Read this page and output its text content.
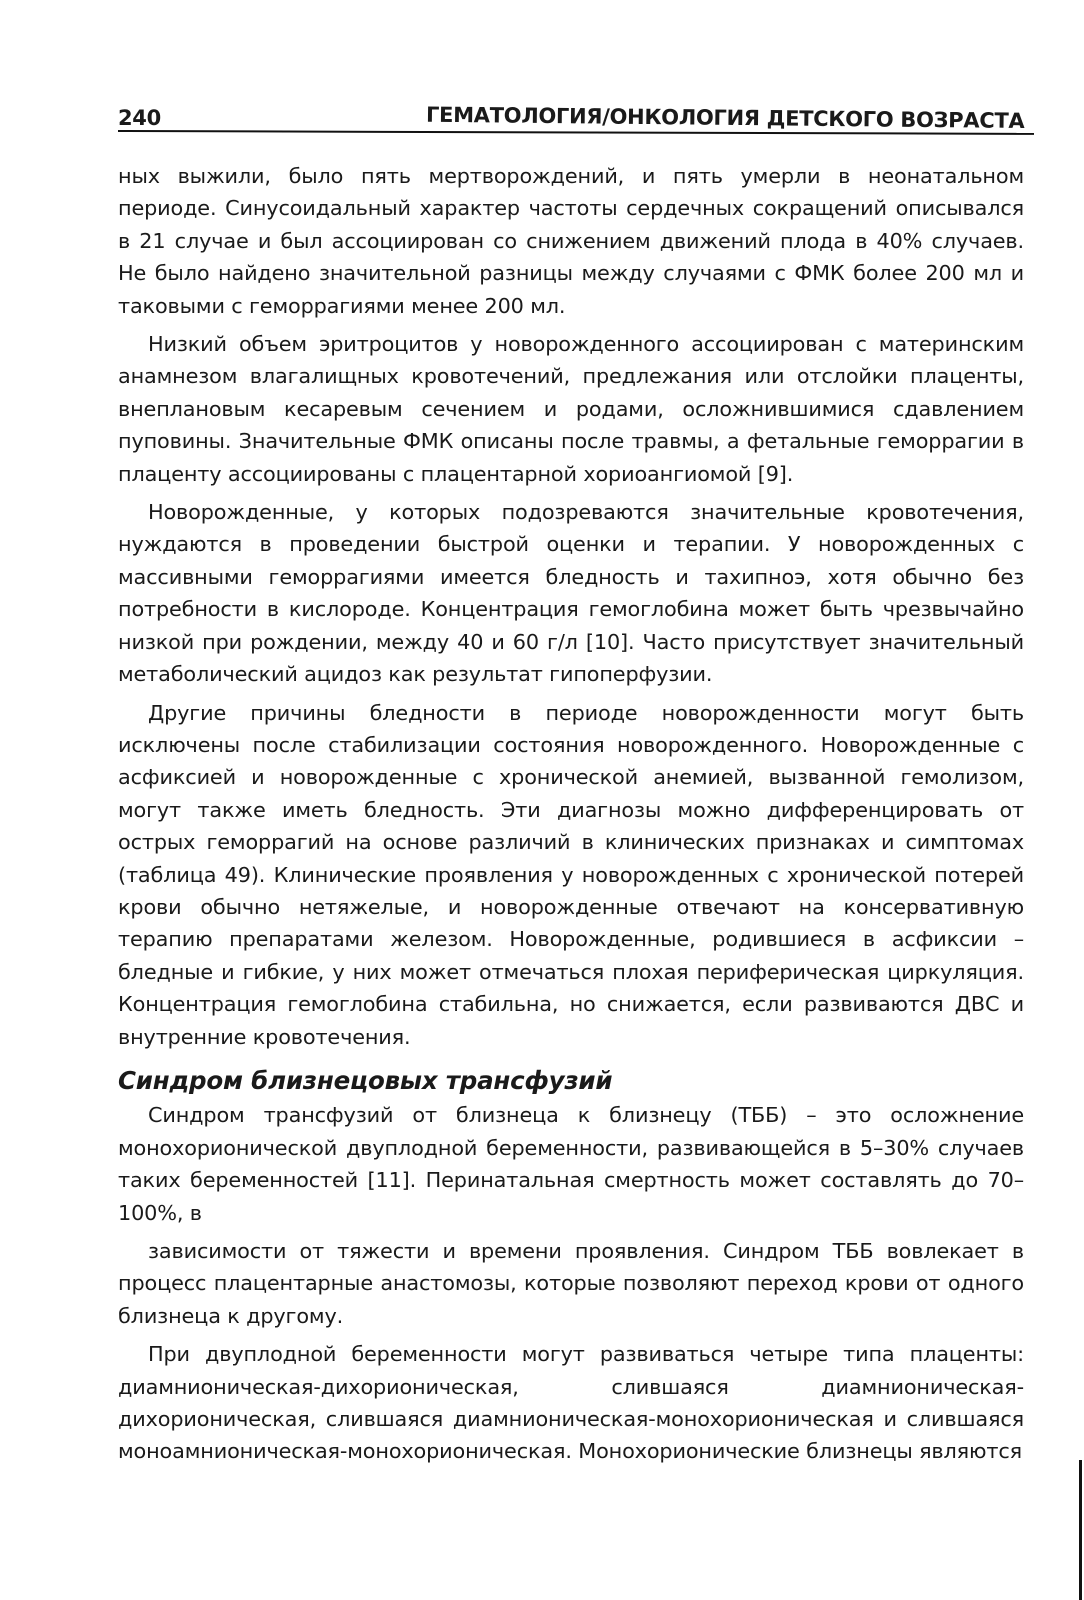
240	ГЕМАТОЛОГИЯ/ОНКОЛОГИЯ ДЕТСКОГО ВОЗРАСТА

ных выжили, было пять мертворождений, и пять умерли в неонатальном периоде. Синусоидальный характер частоты сердечных сокращений описывался в 21 случае и был ассоциирован со снижением движений плода в 40% случаев. Не было найдено значительной разницы между случаями с ФМК более 200 мл и таковыми с геморрагиями менее 200 мл.

Низкий объем эритроцитов у новорожденного ассоциирован с материнским анамнезом влагалищных кровотечений, предлежания или отслойки плаценты, внеплановым кесаревым сечением и родами, осложнившимися сдавлением пуповины. Значительные ФМК описаны после травмы, а фетальные геморрагии в плаценту ассоциированы с плацентарной хориоангиомой [9].

Новорожденные, у которых подозреваются значительные кровотечения, нуждаются в проведении быстрой оценки и терапии. У новорожденных с массивными геморрагиями имеется бледность и тахипноэ, хотя обычно без потребности в кислороде. Концентрация гемоглобина может быть чрезвычайно низкой при рождении, между 40 и 60 г/л [10]. Часто присутствует значительный метаболический ацидоз как результат гипоперфузии.

Другие причины бледности в периоде новорожденности могут быть исключены после стабилизации состояния новорожденного. Новорожденные с асфиксией и новорожденные с хронической анемией, вызванной гемолизом, могут также иметь бледность. Эти диагнозы можно дифференцировать от острых геморрагий на основе различий в клинических признаках и симптомах (таблица 49). Клинические проявления у новорожденных с хронической потерей крови обычно нетяжелые, и новорожденные отвечают на консервативную терапию препаратами железом. Новорожденные, родившиеся в асфиксии – бледные и гибкие, у них может отмечаться плохая периферическая циркуляция. Концентрация гемоглобина стабильна, но снижается, если развиваются ДВС и внутренние кровотечения.

Синдром близнецовых трансфузий

Синдром трансфузий от близнеца к близнецу (ТББ) – это осложнение монохорионической двуплодной беременности, развивающейся в 5–30% случаев таких беременностей [11]. Перинатальная смертность может составлять до 70–100%, в

зависимости от тяжести и времени проявления. Синдром ТББ вовлекает в процесс плацентарные анастомозы, которые позволяют переход крови от одного близнеца к другому.

При двуплодной беременности могут развиваться четыре типа плаценты: диамнионическая-дихорионическая, слившаяся диамнионическая-дихорионическая, слившаяся диамнионическая-монохорионическая и слившаяся моноамнионическая-монохорионическая. Монохорионические близнецы являются
